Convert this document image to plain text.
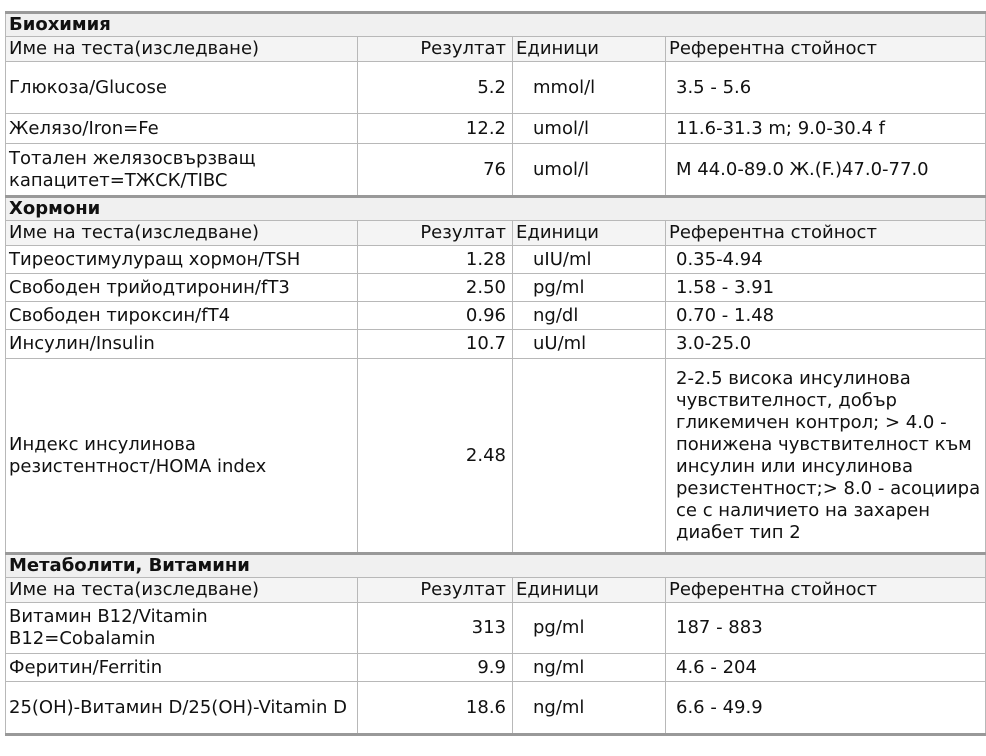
Биохимия			
Име на теста(изследване)	Резултат	Единици	Референтна стойност
Глюкоза/Glucose	5.2	mmol/l	3.5 - 5.6
Желязо/Iron=Fe	12.2	umol/l	11.6-31.3 m; 9.0-30.4 f
Тотален желязосвързващ капацитет=ТЖСК/TIBC	76	umol/l	M 44.0-89.0 Ж.(F.)47.0-77.0
Хормони			
Име на теста(изследване)	Резултат	Единици	Референтна стойност
Тиреостимулуращ хормон/TSH	1.28	uIU/ml	0.35-4.94
Свободен трийодтиронин/fT3	2.50	pg/ml	1.58 - 3.91
Свободен тироксин/fT4	0.96	ng/dl	0.70 - 1.48
Инсулин/Insulin	10.7	uU/ml	3.0-25.0
Индекс инсулинова резистентност/HOMA index	2.48		2-2.5 висока инсулинова чувствителност, добър гликемичен контрол; > 4.0 - понижена чувствителност към инсулин или инсулинова резистентност;> 8.0 - асоциира се с наличието на захарен диабет тип 2
Метаболити, Витамини			
Име на теста(изследване)	Резултат	Единици	Референтна стойност
Витамин B12/Vitamin B12=Cobalamin	313	pg/ml	187 - 883
Феритин/Ferritin	9.9	ng/ml	4.6 - 204
25(OH)-Витамин D/25(OH)-Vitamin D	18.6	ng/ml	6.6 - 49.9
